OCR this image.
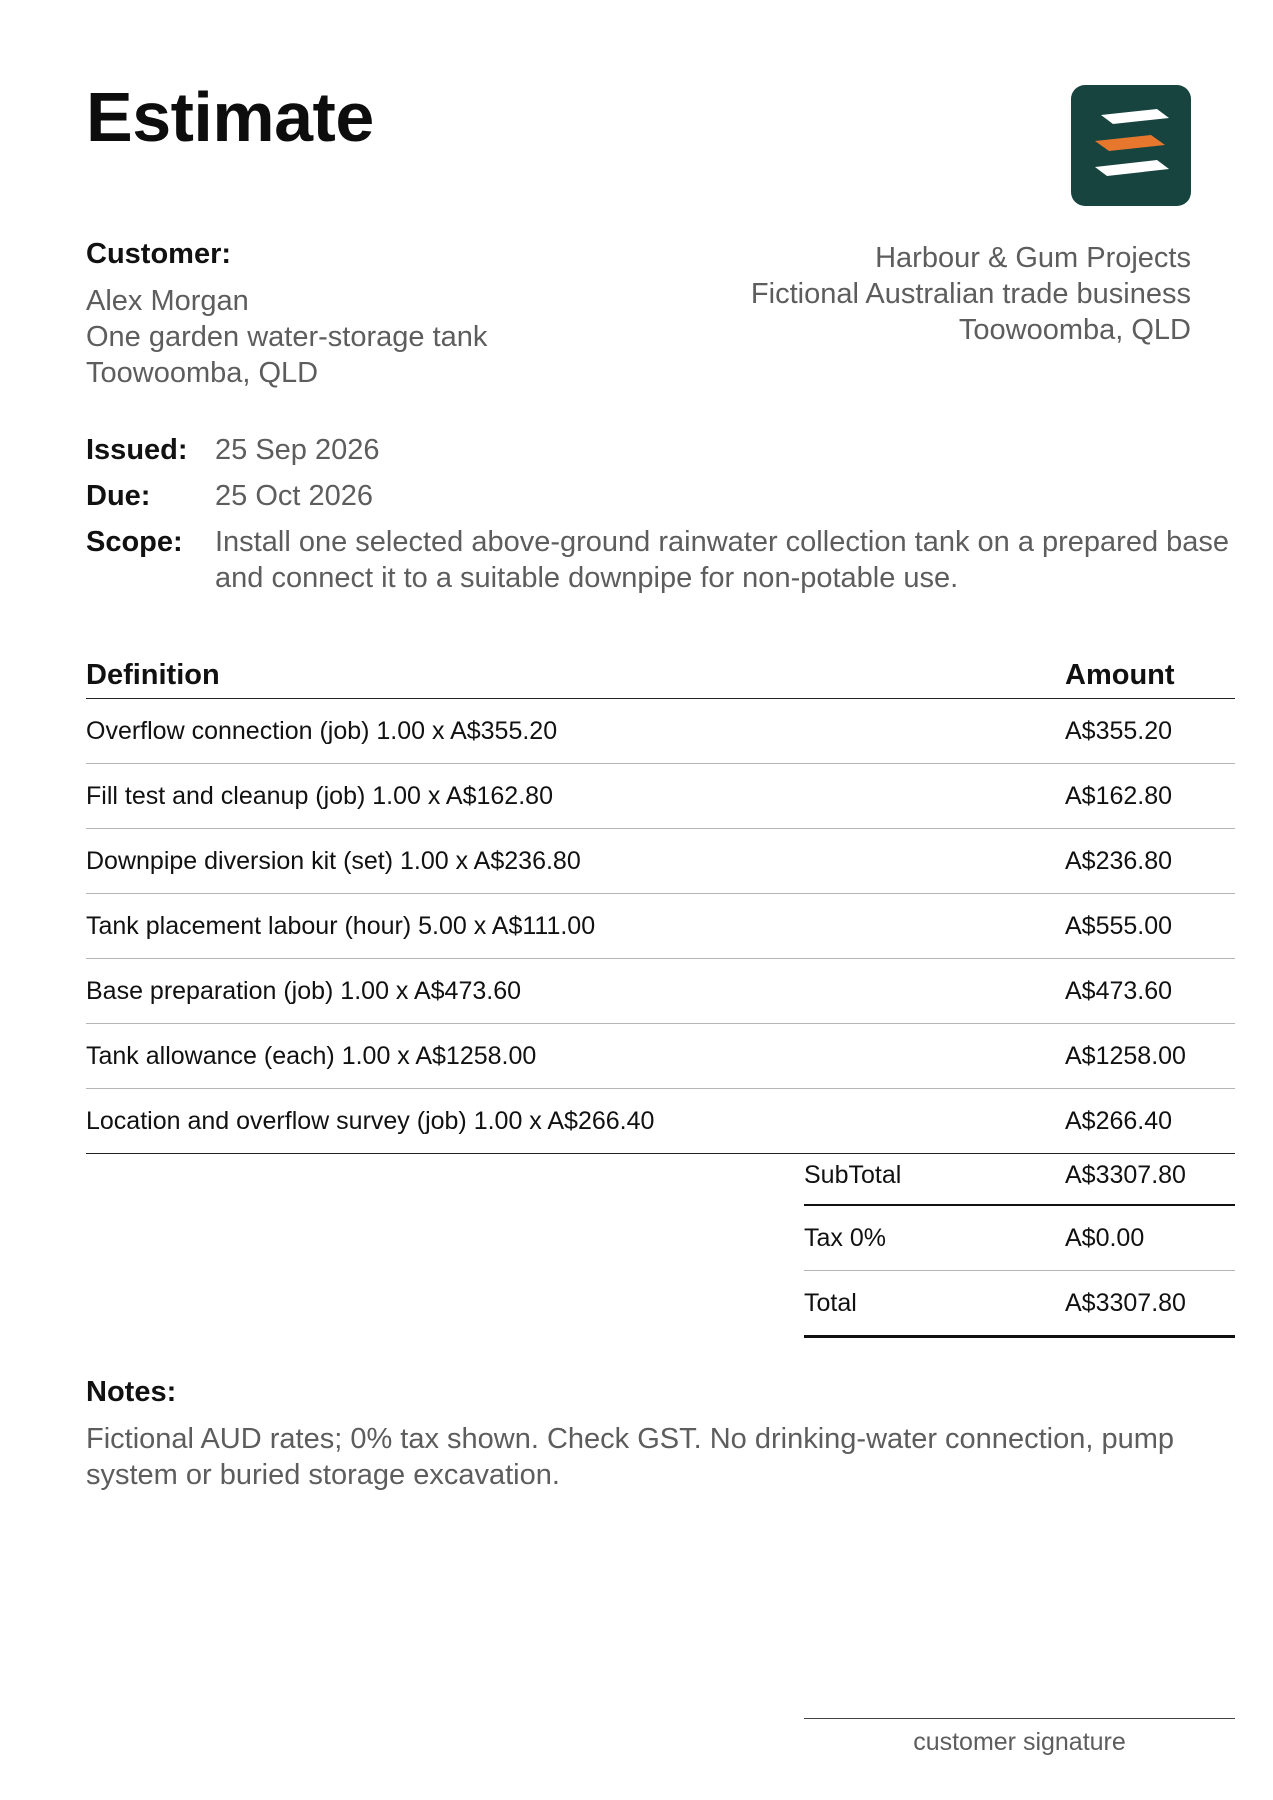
Estimate
Customer:
Alex Morgan
One garden water-storage tank
Toowoomba, QLD
Harbour & Gum Projects
Fictional Australian trade business
Toowoomba, QLD
Issued: 25 Sep 2026
Due:	25 Oct 2026
Scope:	Install one selected above-ground rainwater collection tank on a prepared base and connect it to a suitable downpipe for non-potable use.
Definition	Amount
Overflow connection (job) 1.00 x A$355.20	A$355.20
Fill test and cleanup (job) 1.00 x A$162.80	A$162.80
Downpipe diversion kit (set) 1.00 x A$236.80	A$236.80
Tank placement labour (hour) 5.00 x A$111.00	A$555.00
Base preparation (job) 1.00 x A$473.60	A$473.60
Tank allowance (each) 1.00 x A$1258.00	A$1258.00
Location and overflow survey (job) 1.00 x A$266.40	A$266.40
SubTotal	A$3307.80
Tax 0%	A$0.00
Total	A$3307.80
Notes:
Fictional AUD rates; 0% tax shown. Check GST. No drinking-water connection, pump system or buried storage excavation.
customer signature
